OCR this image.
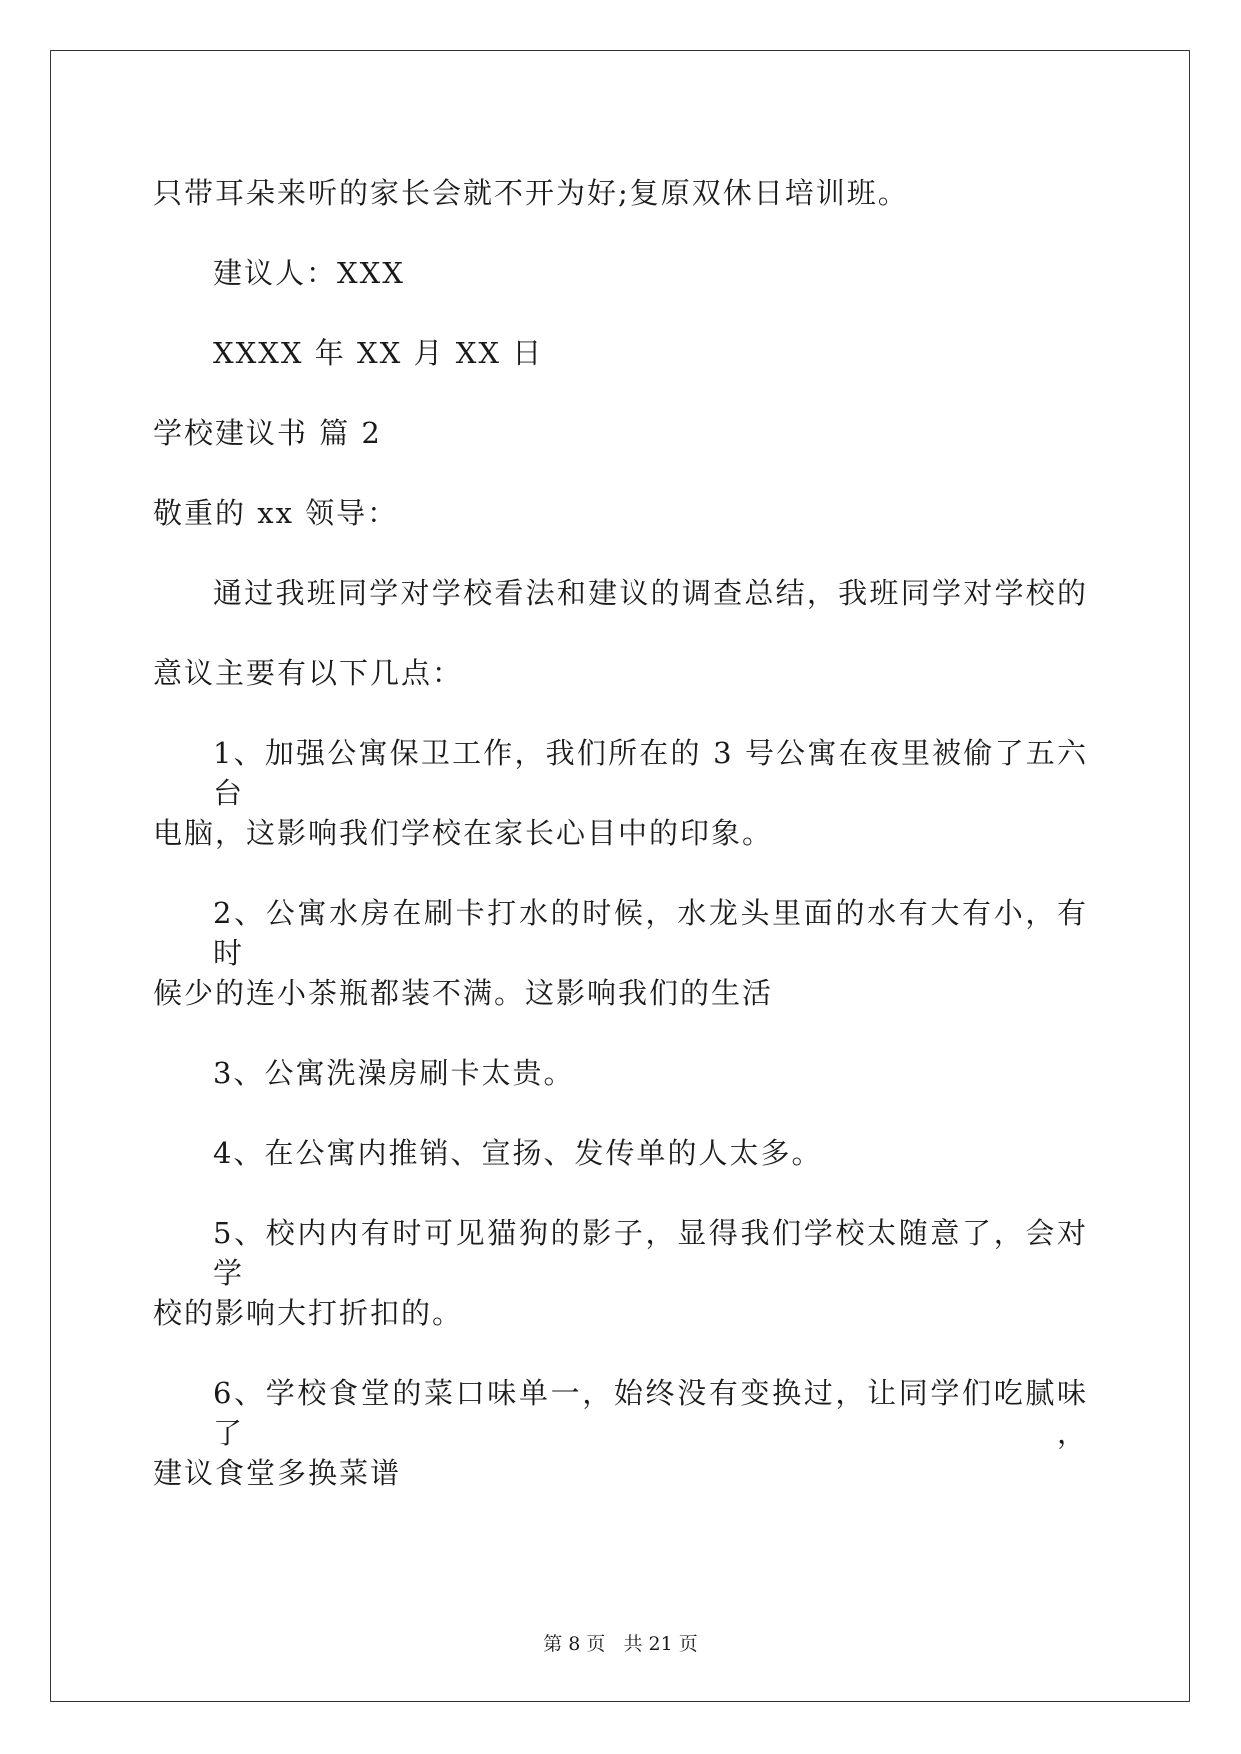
只带耳朵来听的家长会就不开为好;复原双休日培训班。
建议人：XXX
XXXX 年 XX 月 XX 日
学校建议书 篇 2
敬重的 xx 领导：
通过我班同学对学校看法和建议的调查总结，我班同学对学校的
意议主要有以下几点：
1、加强公寓保卫工作，我们所在的 3 号公寓在夜里被偷了五六台
电脑，这影响我们学校在家长心目中的印象。
2、公寓水房在刷卡打水的时候，水龙头里面的水有大有小，有时
候少的连小茶瓶都装不满。这影响我们的生活
3、公寓洗澡房刷卡太贵。
4、在公寓内推销、宣扬、发传单的人太多。
5、校内内有时可见猫狗的影子，显得我们学校太随意了，会对学
校的影响大打折扣的。
6、学校食堂的菜口味单一，始终没有变换过，让同学们吃腻味了，
建议食堂多换菜谱
第 8 页 共 21 页
